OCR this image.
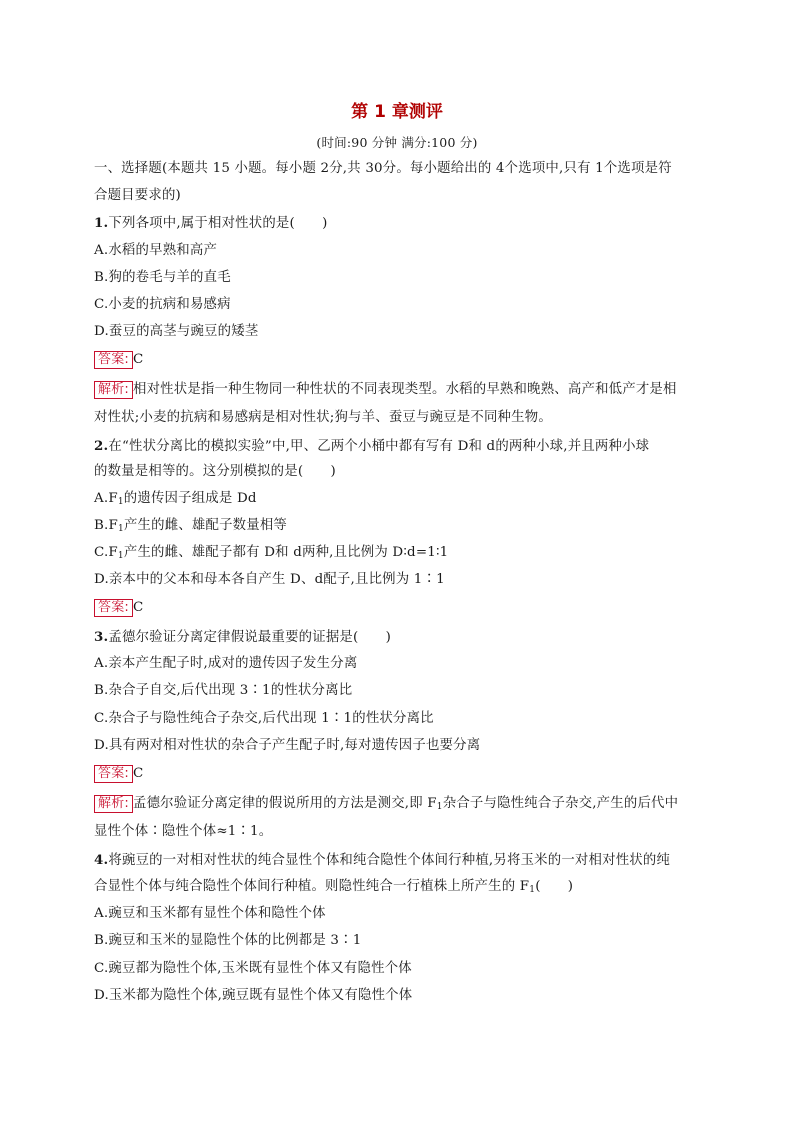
第 1 章测评
(时间:90 分钟 满分:100 分)
一、选择题(本题共 15 小题。每小题 2分,共 30分。每小题给出的 4个选项中,只有 1个选项是符
合题目要求的)
1.下列各项中,属于相对性状的是(　　)
A.水稻的早熟和高产
B.狗的卷毛与羊的直毛
C.小麦的抗病和易感病
D.蚕豆的高茎与豌豆的矮茎
答案: C
解析: 相对性状是指一种生物同一种性状的不同表现类型。水稻的早熟和晚熟、高产和低产才是相
对性状;小麦的抗病和易感病是相对性状;狗与羊、蚕豆与豌豆是不同种生物。
2.在“性状分离比的模拟实验”中,甲、乙两个小桶中都有写有 D和 d的两种小球,并且两种小球
的数量是相等的。这分别模拟的是(　　)
$A.F_1$的遗传因子组成是 Dd
$B.F_1$产生的雌、雄配子数量相等
$C.F_1$产生的雌、雄配子都有 D和 d两种,且比例为 D∶d=1∶1
D.亲本中的父本和母本各自产生 D、d配子,且比例为 1∶1
答案: C
3.孟德尔验证分离定律假说最重要的证据是(　　)
A.亲本产生配子时,成对的遗传因子发生分离
B.杂合子自交,后代出现 3∶1的性状分离比
C.杂合子与隐性纯合子杂交,后代出现 1∶1的性状分离比
D.具有两对相对性状的杂合子产生配子时,每对遗传因子也要分离
答案: C
解析: 孟德尔验证分离定律的假说所用的方法是测交,即 $F_1$杂合子与隐性纯合子杂交,产生的后代中
显性个体∶隐性个体≈1∶1。
4.将豌豆的一对相对性状的纯合显性个体和纯合隐性个体间行种植,另将玉米的一对相对性状的纯
合显性个体与纯合隐性个体间行种植。则隐性纯合一行植株上所产生的 $F_1$(　　)
A.豌豆和玉米都有显性个体和隐性个体
B.豌豆和玉米的显隐性个体的比例都是 3∶1
C.豌豆都为隐性个体,玉米既有显性个体又有隐性个体
D.玉米都为隐性个体,豌豆既有显性个体又有隐性个体
